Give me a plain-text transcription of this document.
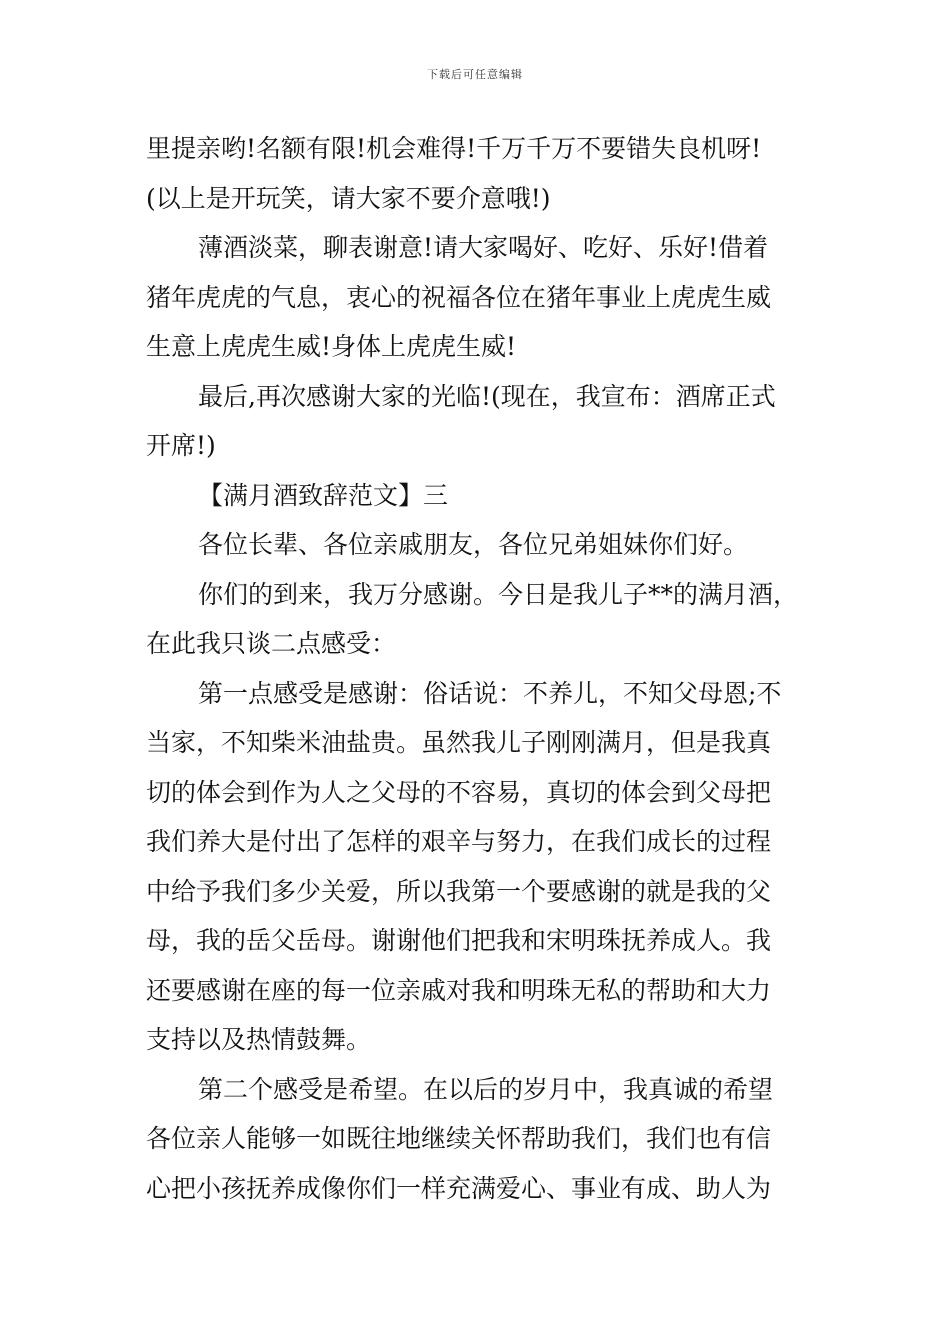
下载后可任意编辑
里提亲哟!名额有限!机会难得!千万千万不要错失良机呀!
(以上是开玩笑，请大家不要介意哦!)
薄酒淡菜，聊表谢意!请大家喝好、吃好、乐好!借着
猪年虎虎的气息，衷心的祝福各位在猪年事业上虎虎生威
生意上虎虎生威!身体上虎虎生威!
最后,再次感谢大家的光临!(现在，我宣布：酒席正式
开席!)
【满月酒致辞范文】三
各位长辈、各位亲戚朋友，各位兄弟姐妹你们好。
你们的到来，我万分感谢。今日是我儿子**的满月酒，
在此我只谈二点感受：
第一点感受是感谢：俗话说：不养儿，不知父母恩;不
当家，不知柴米油盐贵。虽然我儿子刚刚满月，但是我真
切的体会到作为人之父母的不容易，真切的体会到父母把
我们养大是付出了怎样的艰辛与努力，在我们成长的过程
中给予我们多少关爱，所以我第一个要感谢的就是我的父
母，我的岳父岳母。谢谢他们把我和宋明珠抚养成人。我
还要感谢在座的每一位亲戚对我和明珠无私的帮助和大力
支持以及热情鼓舞。
第二个感受是希望。在以后的岁月中，我真诚的希望
各位亲人能够一如既往地继续关怀帮助我们，我们也有信
心把小孩抚养成像你们一样充满爱心、事业有成、助人为
